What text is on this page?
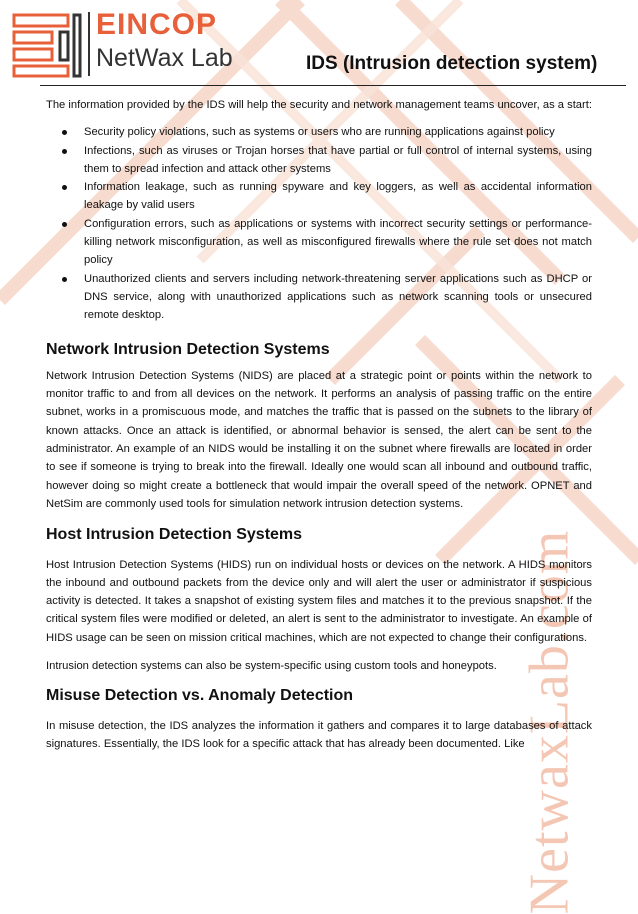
NetwaxLab.com
EINCOP
NetWax Lab	IDS (Intrusion detection system)

The information provided by the IDS will help the security and network management teams uncover, as a start:

Security policy violations, such as systems or users who are running applications against policy
Infections, such as viruses or Trojan horses that have partial or full control of internal systems, using them to spread infection and attack other systems
Information leakage, such as running spyware and key loggers, as well as accidental information leakage by valid users
Configuration errors, such as applications or systems with incorrect security settings or performance-killing network misconfiguration, as well as misconfigured firewalls where the rule set does not match policy
Unauthorized clients and servers including network-threatening server applications such as DHCP or DNS service, along with unauthorized applications such as network scanning tools or unsecured remote desktop.
Network Intrusion Detection Systems

Network Intrusion Detection Systems (NIDS) are placed at a strategic point or points within the network to monitor traffic to and from all devices on the network. It performs an analysis of passing traffic on the entire subnet, works in a promiscuous mode, and matches the traffic that is passed on the subnets to the library of known attacks. Once an attack is identified, or abnormal behavior is sensed, the alert can be sent to the administrator. An example of an NIDS would be installing it on the subnet where firewalls are located in order to see if someone is trying to break into the firewall. Ideally one would scan all inbound and outbound traffic, however doing so might create a bottleneck that would impair the overall speed of the network. OPNET and NetSim are commonly used tools for simulation network intrusion detection systems.

Host Intrusion Detection Systems

Host Intrusion Detection Systems (HIDS) run on individual hosts or devices on the network. A HIDS monitors the inbound and outbound packets from the device only and will alert the user or administrator if suspicious activity is detected. It takes a snapshot of existing system files and matches it to the previous snapshot. If the critical system files were modified or deleted, an alert is sent to the administrator to investigate. An example of HIDS usage can be seen on mission critical machines, which are not expected to change their configurations.

Intrusion detection systems can also be system-specific using custom tools and honeypots.

Misuse Detection vs. Anomaly Detection

In misuse detection, the IDS analyzes the information it gathers and compares it to large databases of attack signatures. Essentially, the IDS look for a specific attack that has already been documented. Like
